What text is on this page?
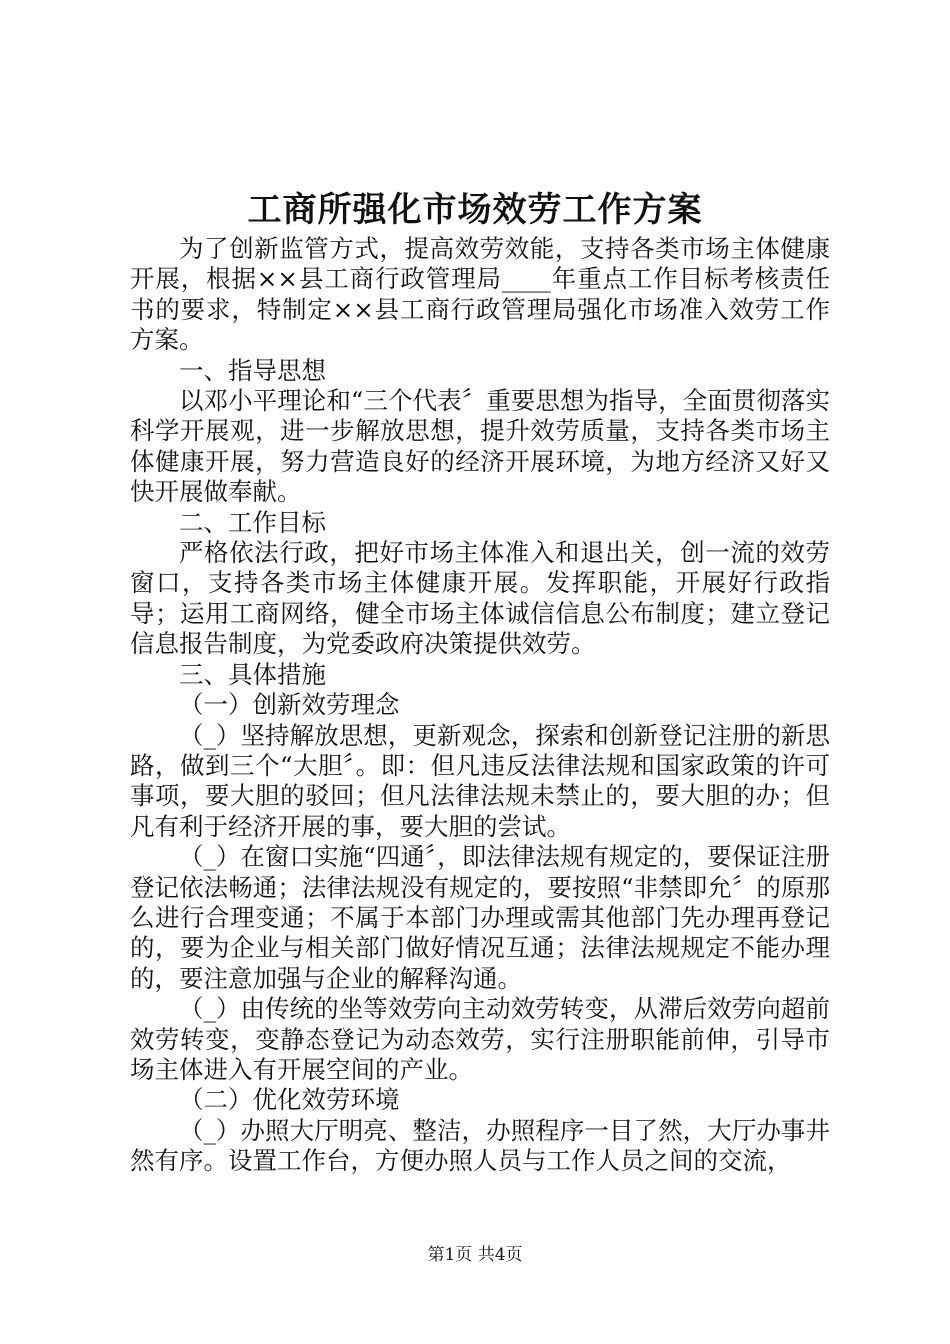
工商所强化市场效劳工作方案

为了创新监管方式，提高效劳效能，支持各类市场主体健康开展，根据××县工商行政管理局____年重点工作目标考核责任书的要求，特制定××县工商行政管理局强化市场准入效劳工作方案。

一、指导思想

以邓小平理论和“三个代表〞重要思想为指导，全面贯彻落实科学开展观，进一步解放思想，提升效劳质量，支持各类市场主体健康开展，努力营造良好的经济开展环境，为地方经济又好又快开展做奉献。

二、工作目标

严格依法行政，把好市场主体准入和退出关，创一流的效劳窗口，支持各类市场主体健康开展。发挥职能，开展好行政指导；运用工商网络，健全市场主体诚信信息公布制度；建立登记信息报告制度，为党委政府决策提供效劳。

三、具体措施

（一）创新效劳理念

（_）坚持解放思想，更新观念，探索和创新登记注册的新思路，做到三个“大胆〞。即：但凡违反法律法规和国家政策的许可事项，要大胆的驳回；但凡法律法规未禁止的，要大胆的办；但凡有利于经济开展的事，要大胆的尝试。

（_）在窗口实施“四通〞，即法律法规有规定的，要保证注册登记依法畅通；法律法规没有规定的，要按照“非禁即允〞的原那么进行合理变通；不属于本部门办理或需其他部门先办理再登记的，要为企业与相关部门做好情况互通；法律法规规定不能办理的，要注意加强与企业的解释沟通。

（_）由传统的坐等效劳向主动效劳转变，从滞后效劳向超前效劳转变，变静态登记为动态效劳，实行注册职能前伸，引导市场主体进入有开展空间的产业。

（二）优化效劳环境

（_）办照大厅明亮、整洁，办照程序一目了然，大厅办事井然有序。设置工作台，方便办照人员与工作人员之间的交流，

第1页 共4页
